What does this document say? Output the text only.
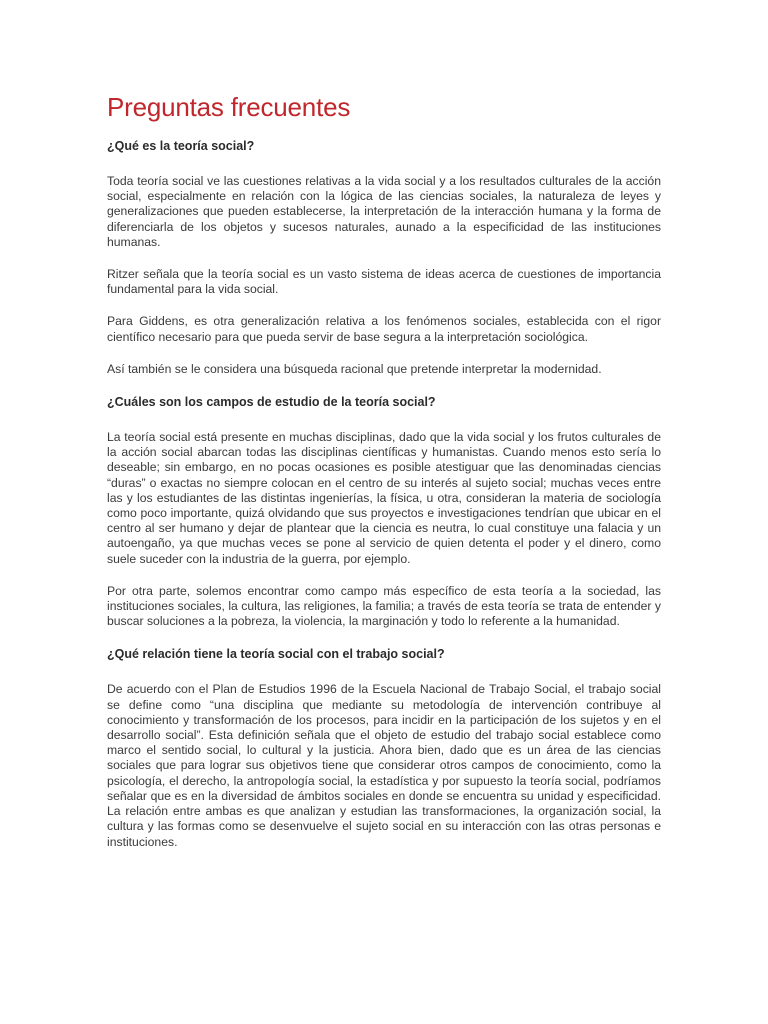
Preguntas frecuentes
¿Qué es la teoría social?

Toda teoría social ve las cuestiones relativas a la vida social y a los resultados culturales de la acción social, especialmente en relación con la lógica de las ciencias sociales, la naturaleza de leyes y generalizaciones que pueden establecerse, la interpretación de la interacción humana y la forma de diferenciarla de los objetos y sucesos naturales, aunado a la especificidad de las instituciones humanas.

Ritzer señala que la teoría social es un vasto sistema de ideas acerca de cuestiones de importancia fundamental para la vida social.

Para Giddens, es otra generalización relativa a los fenómenos sociales, establecida con el rigor científico necesario para que pueda servir de base segura a la interpretación sociológica.

Así también se le considera una búsqueda racional que pretende interpretar la modernidad.

¿Cuáles son los campos de estudio de la teoría social?

La teoría social está presente en muchas disciplinas, dado que la vida social y los frutos culturales de la acción social abarcan todas las disciplinas científicas y humanistas. Cuando menos esto sería lo deseable; sin embargo, en no pocas ocasiones es posible atestiguar que las denominadas ciencias “duras” o exactas no siempre colocan en el centro de su interés al sujeto social; muchas veces entre las y los estudiantes de las distintas ingenierías, la física, u otra, consideran la materia de sociología como poco importante, quizá olvidando que sus proyectos e investigaciones tendrían que ubicar en el centro al ser humano y dejar de plantear que la ciencia es neutra, lo cual constituye una falacia y un autoengaño, ya que muchas veces se pone al servicio de quien detenta el poder y el dinero, como suele suceder con la industria de la guerra, por ejemplo.

Por otra parte, solemos encontrar como campo más específico de esta teoría a la sociedad, las instituciones sociales, la cultura, las religiones, la familia; a través de esta teoría se trata de entender y buscar soluciones a la pobreza, la violencia, la marginación y todo lo referente a la humanidad.

¿Qué relación tiene la teoría social con el trabajo social?

De acuerdo con el Plan de Estudios 1996 de la Escuela Nacional de Trabajo Social, el trabajo social se define como “una disciplina que mediante su metodología de intervención contribuye al conocimiento y transformación de los procesos, para incidir en la participación de los sujetos y en el desarrollo social”. Esta definición señala que el objeto de estudio del trabajo social establece como marco el sentido social, lo cultural y la justicia. Ahora bien, dado que es un área de las ciencias sociales que para lograr sus objetivos tiene que considerar otros campos de conocimiento, como la psicología, el derecho, la antropología social, la estadística y por supuesto la teoría social, podríamos señalar que es en la diversidad de ámbitos sociales en donde se encuentra su unidad y especificidad. La relación entre ambas es que analizan y estudian las transformaciones, la organización social, la cultura y las formas como se desenvuelve el sujeto social en su interacción con las otras personas e instituciones.
